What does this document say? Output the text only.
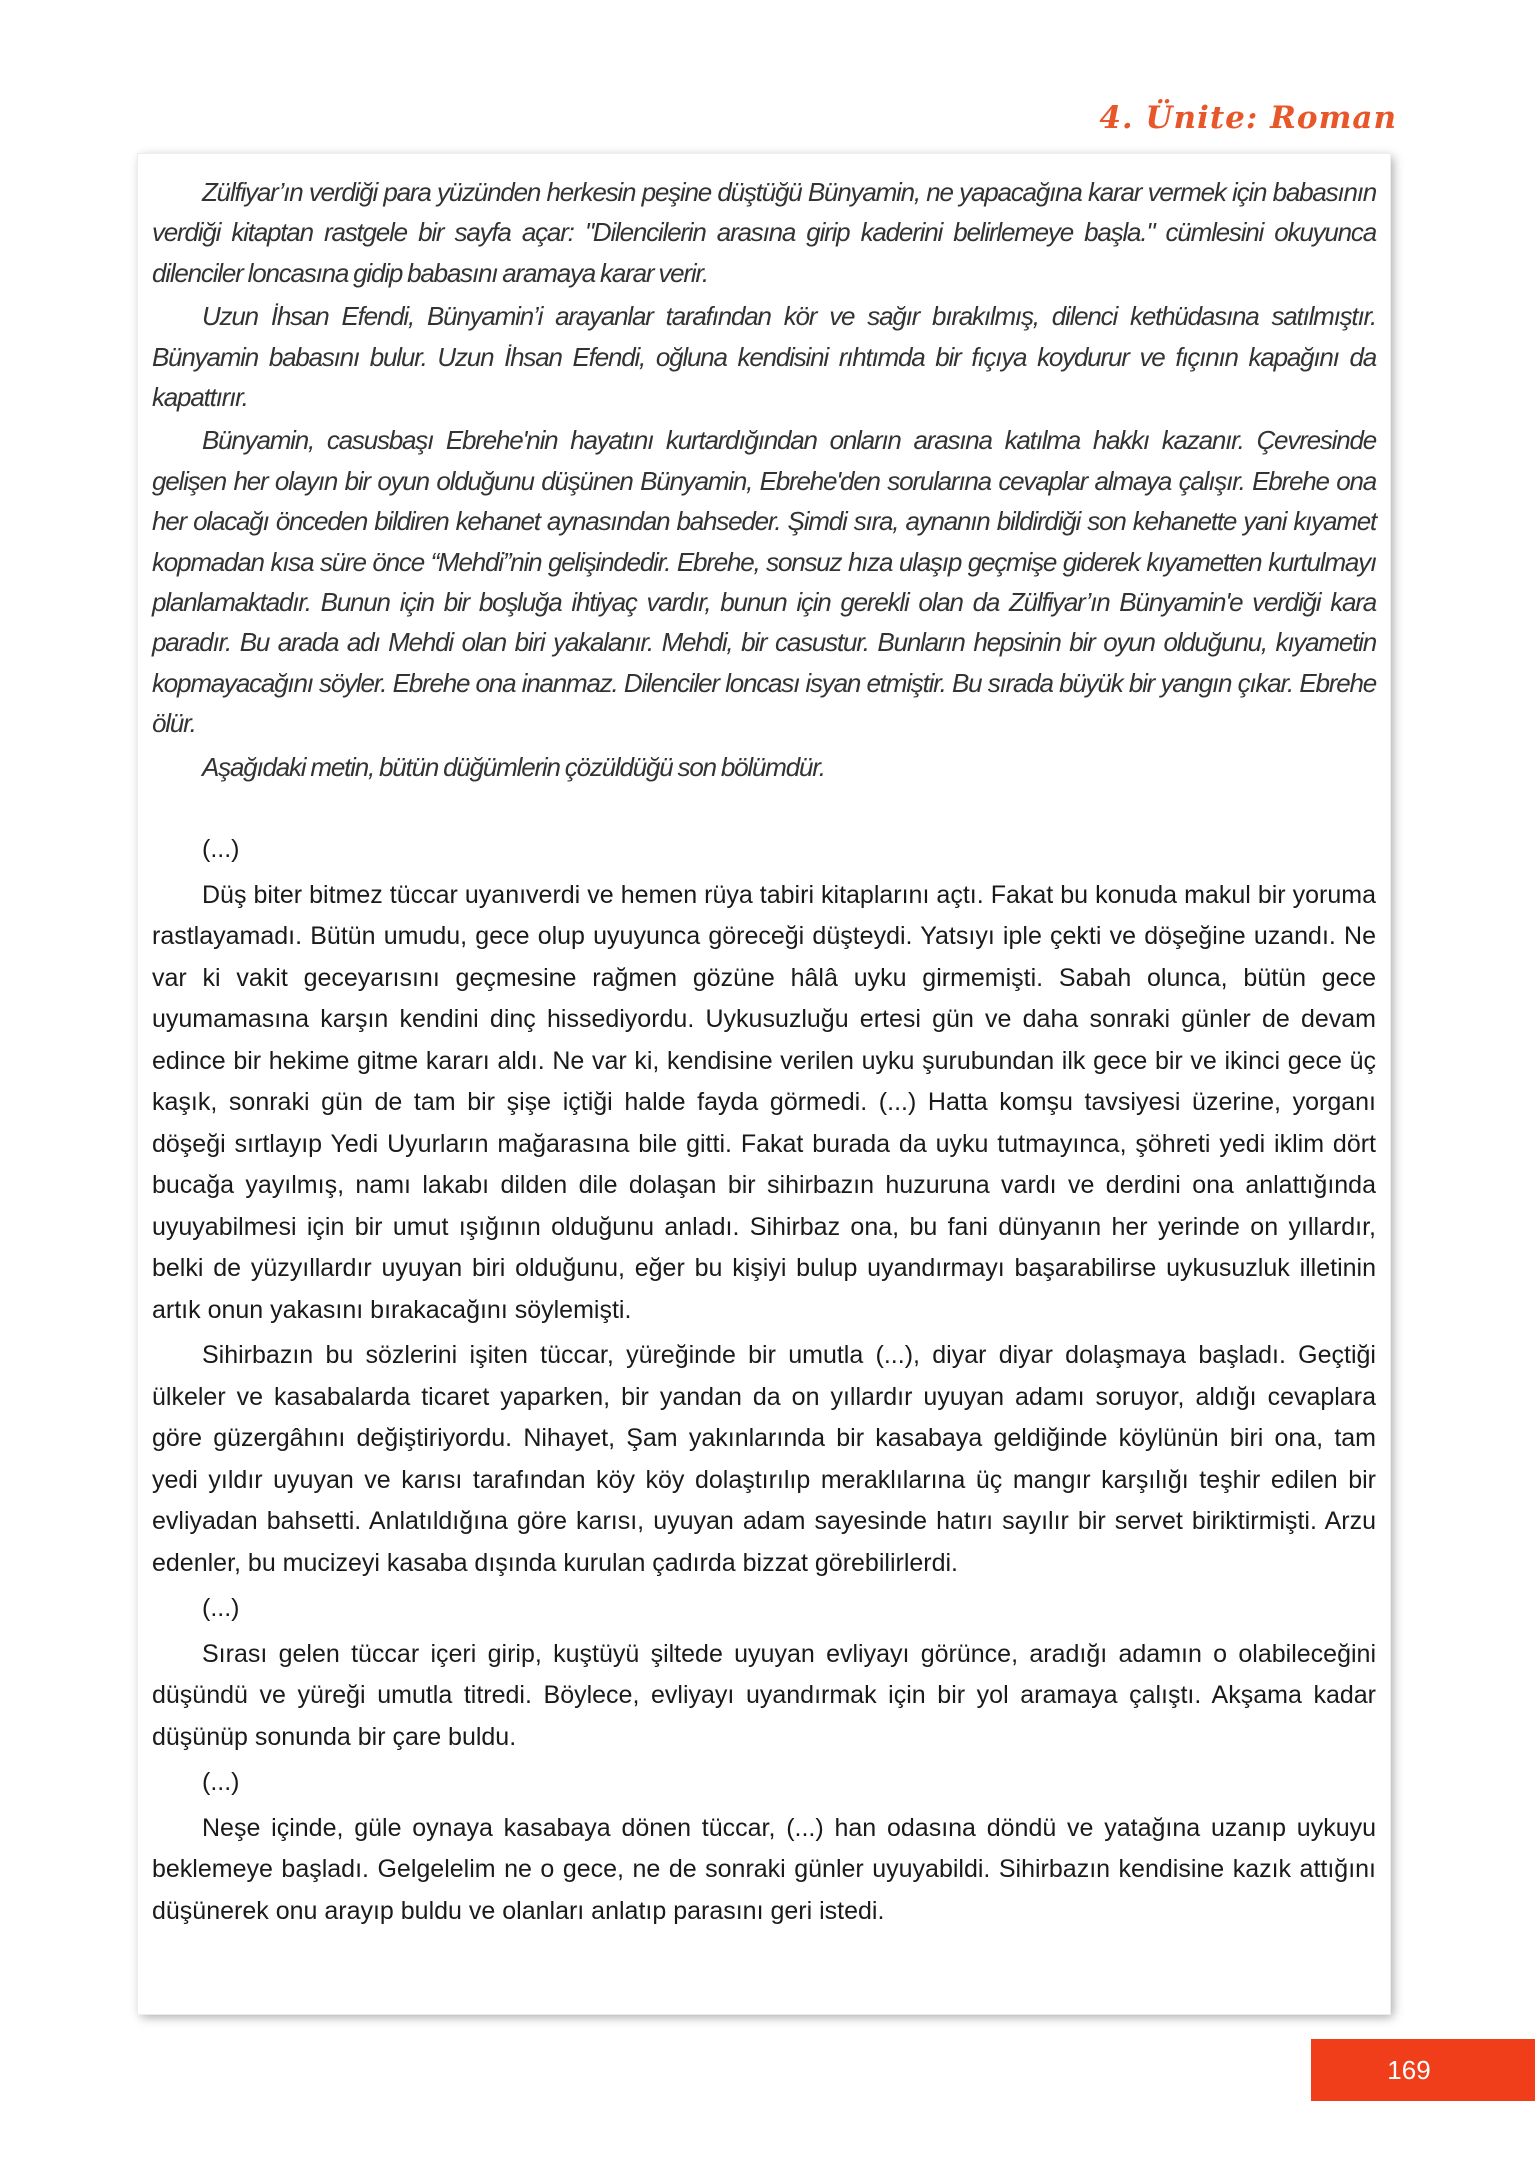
4. Ünite: Roman

Zülfiyar’ın verdiği para yüzünden herkesin peşine düştüğü Bünyamin, ne yapacağına karar vermek için babasının verdiği kitaptan rastgele bir sayfa açar: "Dilencilerin arasına girip kaderini belirlemeye başla." cümlesini okuyunca dilenciler loncasına gidip babasını aramaya karar verir.

Uzun İhsan Efendi, Bünyamin’i arayanlar tarafından kör ve sağır bırakılmış, dilenci kethüdasına satılmıştır. Bünyamin babasını bulur. Uzun İhsan Efendi, oğluna kendisini rıhtımda bir fıçıya koydurur ve fıçının kapağını da kapattırır.

Bünyamin, casusbaşı Ebrehe'nin hayatını kurtardığından onların arasına katılma hakkı kazanır. Çevresinde gelişen her olayın bir oyun olduğunu düşünen Bünyamin, Ebrehe'den sorularına cevaplar almaya çalışır. Ebrehe ona her olacağı önceden bildiren kehanet aynasından bahseder. Şimdi sıra, aynanın bildirdiği son kehanette yani kıyamet kopmadan kısa süre önce “Mehdi”nin gelişindedir. Ebrehe, sonsuz hıza ulaşıp geçmişe giderek kıyametten kurtulmayı planlamaktadır. Bunun için bir boşluğa ihtiyaç vardır, bunun için gerekli olan da Zülfiyar’ın Bünyamin'e verdiği kara paradır. Bu arada adı Mehdi olan biri yakalanır. Mehdi, bir casustur. Bunların hepsinin bir oyun olduğunu, kıyametin kopmayacağını söyler. Ebrehe ona inanmaz. Dilenciler loncası isyan etmiştir. Bu sırada büyük bir yangın çıkar. Ebrehe ölür.

Aşağıdaki metin, bütün düğümlerin çözüldüğü son bölümdür.

(...)

Düş biter bitmez tüccar uyanıverdi ve hemen rüya tabiri kitaplarını açtı. Fakat bu konuda makul bir yoruma rastlayamadı. Bütün umudu, gece olup uyuyunca göreceği düşteydi. Yatsıyı iple çekti ve döşeğine uzandı. Ne var ki vakit geceyarısını geçmesine rağmen gözüne hâlâ uyku girmemişti. Sabah olunca, bütün gece uyumamasına karşın kendini dinç hissediyordu. Uykusuzluğu ertesi gün ve daha sonraki günler de devam edince bir hekime gitme kararı aldı. Ne var ki, kendisine verilen uyku şurubundan ilk gece bir ve ikinci gece üç kaşık, sonraki gün de tam bir şişe içtiği halde fayda görmedi. (...) Hatta komşu tavsiyesi üzerine, yorganı döşeği sırtlayıp Yedi Uyurların mağarasına bile gitti. Fakat burada da uyku tutmayınca, şöhreti yedi iklim dört bucağa yayılmış, namı lakabı dilden dile dolaşan bir sihirbazın huzuruna vardı ve derdini ona anlattığında uyuyabilmesi için bir umut ışığının olduğunu anladı. Sihirbaz ona, bu fani dünyanın her yerinde on yıllardır, belki de yüzyıllardır uyuyan biri olduğunu, eğer bu kişiyi bulup uyandırmayı başarabilirse uykusuzluk illetinin artık onun yakasını bırakacağını söylemişti.

Sihirbazın bu sözlerini işiten tüccar, yüreğinde bir umutla (...), diyar diyar dolaşmaya başladı. Geçtiği ülkeler ve kasabalarda ticaret yaparken, bir yandan da on yıllardır uyuyan adamı soruyor, aldığı cevaplara göre güzergâhını değiştiriyordu. Nihayet, Şam yakınlarında bir kasabaya geldiğinde köylünün biri ona, tam yedi yıldır uyuyan ve karısı tarafından köy köy dolaştırılıp meraklılarına üç mangır karşılığı teşhir edilen bir evliyadan bahsetti. Anlatıldığına göre karısı, uyuyan adam sayesinde hatırı sayılır bir servet biriktirmişti. Arzu edenler, bu mucizeyi kasaba dışında kurulan çadırda bizzat görebilirlerdi.

(...)

Sırası gelen tüccar içeri girip, kuştüyü şiltede uyuyan evliyayı görünce, aradığı adamın o olabileceğini düşündü ve yüreği umutla titredi. Böylece, evliyayı uyandırmak için bir yol aramaya çalıştı. Akşama kadar düşünüp sonunda bir çare buldu.

(...)

Neşe içinde, güle oynaya kasabaya dönen tüccar, (...) han odasına döndü ve yatağına uzanıp uykuyu beklemeye başladı. Gelgelelim ne o gece, ne de sonraki günler uyuyabildi. Sihirbazın kendisine kazık attığını düşünerek onu arayıp buldu ve olanları anlatıp parasını geri istedi.

169
